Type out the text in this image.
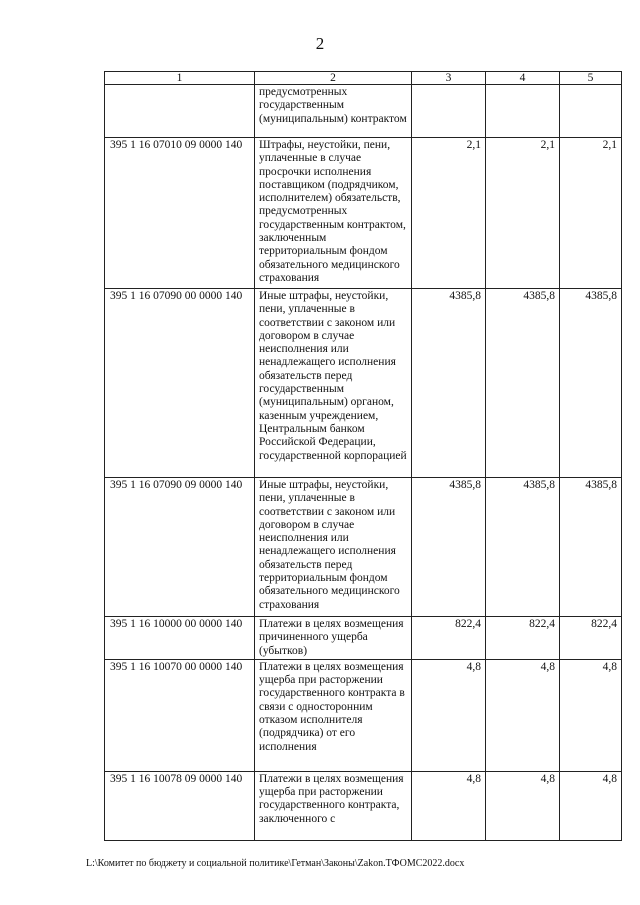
2
1	2	3	4	5
	предусмотренных государственным (муниципальным) контрактом			
395 1 16 07010 09 0000 140	Штрафы, неустойки, пени, уплаченные в случае просрочки исполнения поставщиком (подрядчиком, исполнителем) обязательств, предусмотренных государственным контрактом, заключенным территориальным фондом обязательного медицинского страхования	2,1	2,1	2,1
395 1 16 07090 00 0000 140	Иные штрафы, неустойки, пени, уплаченные в соответствии с законом или договором в случае неисполнения или ненадлежащего исполнения обязательств перед государственным (муниципальным) органом, казенным учреждением, Центральным банком Российской Федерации, государственной корпорацией	4385,8	4385,8	4385,8
395 1 16 07090 09 0000 140	Иные штрафы, неустойки, пени, уплаченные в соответствии с законом или договором в случае неисполнения или ненадлежащего исполнения обязательств перед территориальным фондом обязательного медицинского страхования	4385,8	4385,8	4385,8
395 1 16 10000 00 0000 140	Платежи в целях возмещения причиненного ущерба (убытков)	822,4	822,4	822,4
395 1 16 10070 00 0000 140	Платежи в целях возмещения ущерба при расторжении государственного контракта в связи с односторонним отказом исполнителя (подрядчика) от его исполнения	4,8	4,8	4,8
395 1 16 10078 09 0000 140	Платежи в целях возмещения ущерба при расторжении государственного контракта, заключенного с	4,8	4,8	4,8
L:\Комитет по бюджету и социальной политике\Гетман\Законы\Zakon.ТФОМС2022.docx
